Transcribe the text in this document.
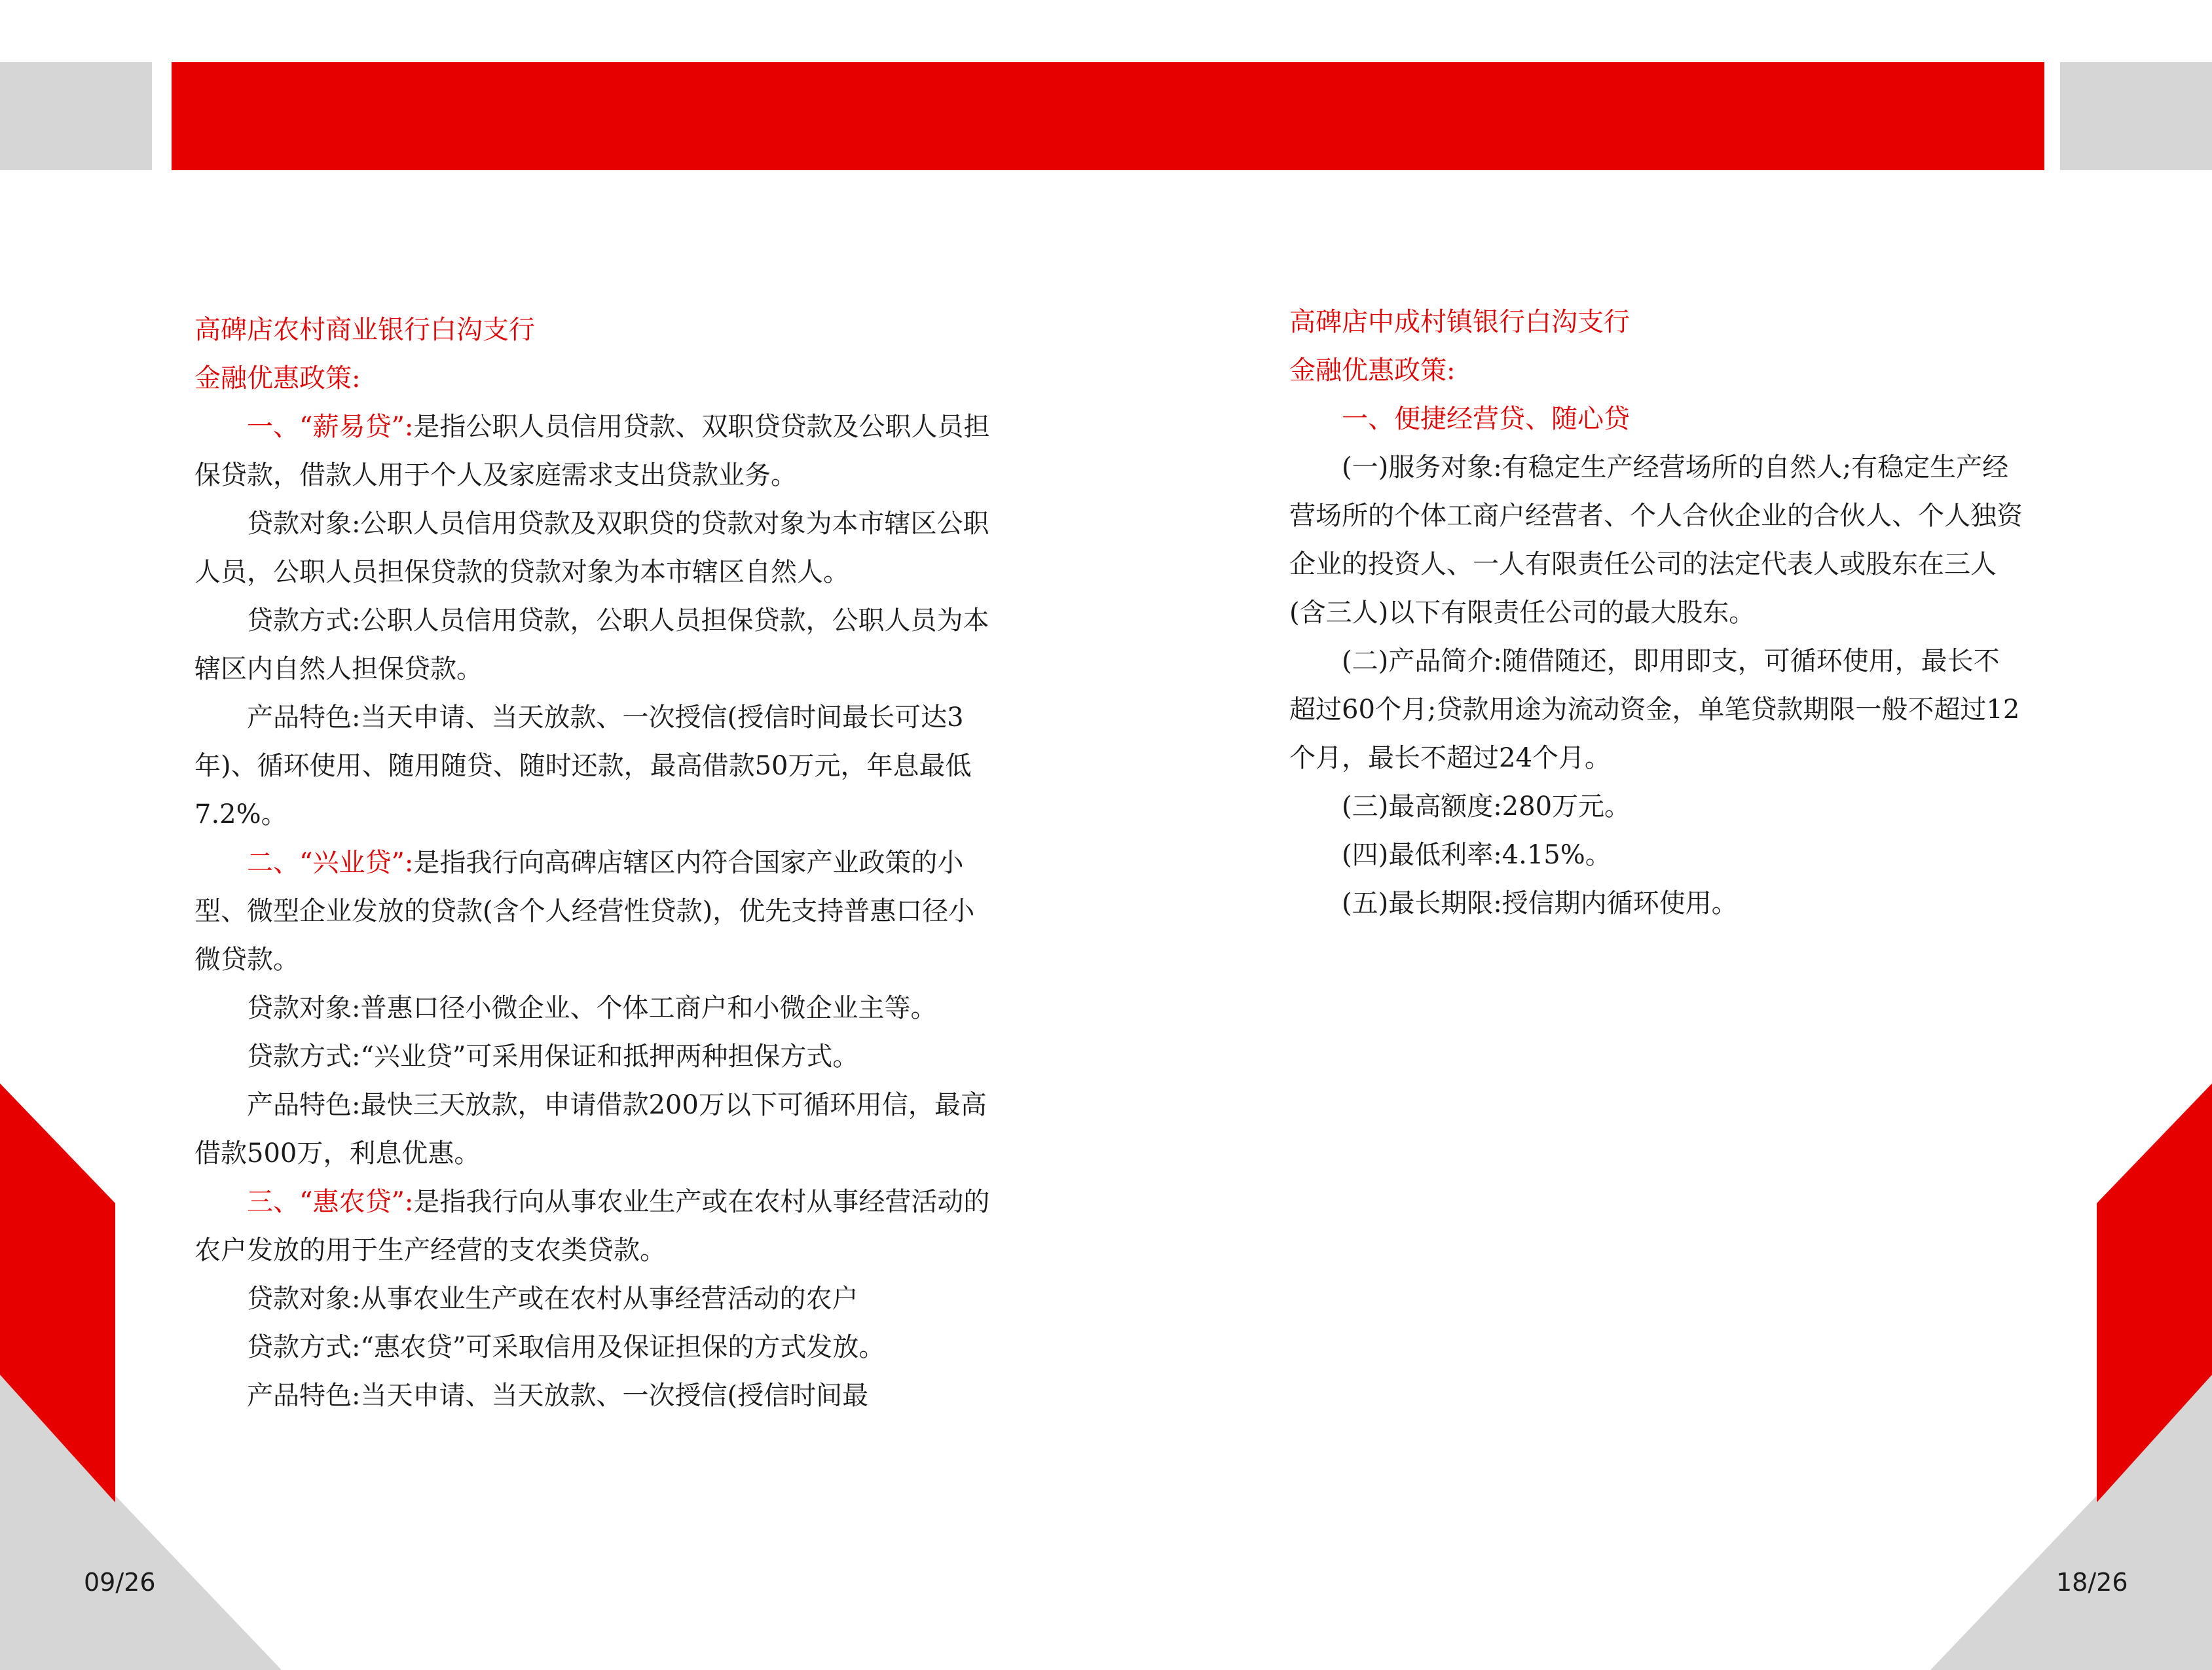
高碑店农村商业银行白沟支行

金融优惠政策:

一、“薪易贷”:是指公职人员信用贷款、双职贷贷款及公职人员担保贷款，借款人用于个人及家庭需求支出贷款业务。

贷款对象:公职人员信用贷款及双职贷的贷款对象为本市辖区公职人员，公职人员担保贷款的贷款对象为本市辖区自然人。

贷款方式:公职人员信用贷款，公职人员担保贷款，公职人员为本辖区内自然人担保贷款。

产品特色:当天申请、当天放款、一次授信(授信时间最长可达3年)、循环使用、随用随贷、随时还款，最高借款50万元，年息最低7.2%。

二、“兴业贷”:是指我行向高碑店辖区内符合国家产业政策的小型、微型企业发放的贷款(含个人经营性贷款)，优先支持普惠口径小微贷款。

贷款对象:普惠口径小微企业、个体工商户和小微企业主等。

贷款方式:“兴业贷”可采用保证和抵押两种担保方式。

产品特色:最快三天放款，申请借款200万以下可循环用信，最高借款500万，利息优惠。

三、“惠农贷”:是指我行向从事农业生产或在农村从事经营活动的农户发放的用于生产经营的支农类贷款。

贷款对象:从事农业生产或在农村从事经营活动的农户

贷款方式:“惠农贷”可采取信用及保证担保的方式发放。

产品特色:当天申请、当天放款、一次授信(授信时间最

高碑店中成村镇银行白沟支行

金融优惠政策:

一、便捷经营贷、随心贷

(一)服务对象:有稳定生产经营场所的自然人;有稳定生产经营场所的个体工商户经营者、个人合伙企业的合伙人、个人独资企业的投资人、一人有限责任公司的法定代表人或股东在三人(含三人)以下有限责任公司的最大股东。

(二)产品简介:随借随还，即用即支，可循环使用，最长不超过60个月;贷款用途为流动资金，单笔贷款期限一般不超过12个月，最长不超过24个月。

(三)最高额度:280万元。

(四)最低利率:4.15%。

(五)最长期限:授信期内循环使用。

09/26	18/26
